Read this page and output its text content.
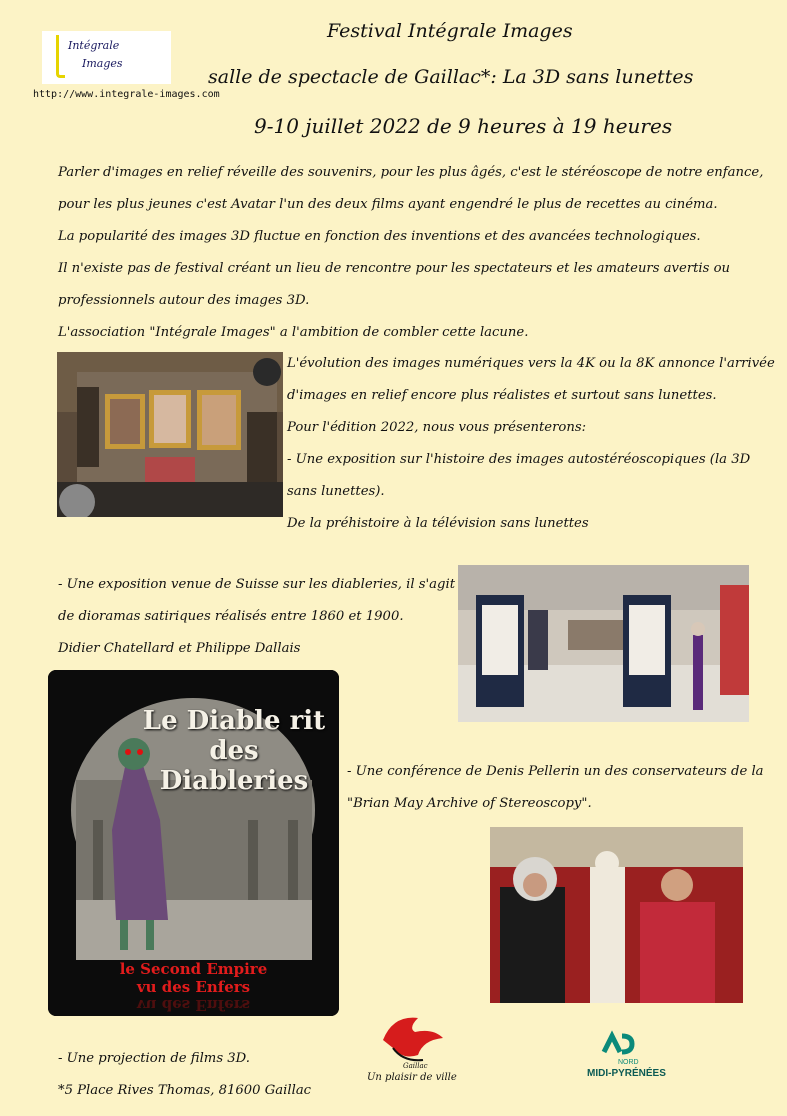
Intégrale
Images
http://www.integrale-images.com
Festival Intégrale Images
salle de spectacle de Gaillac*: La 3D sans lunettes
9-10 juillet 2022 de 9 heures à 19 heures

Parler d'images en relief réveille des souvenirs, pour les plus âgés, c'est le stéréoscope de notre enfance,

pour les plus jeunes c'est Avatar l'un des deux films ayant engendré le plus de recettes au cinéma.

La popularité des images 3D fluctue en fonction des inventions et des avancées technologiques.

Il n'existe pas de festival créant un lieu de rencontre pour les spectateurs et les amateurs avertis ou

professionnels autour des images 3D.

L'association "Intégrale Images" a l'ambition de combler cette lacune.

L'évolution des images numériques vers la 4K ou la 8K annonce l'arrivée

d'images en relief encore plus réalistes et surtout sans lunettes.

Pour l'édition 2022, nous vous présenterons:

- Une exposition sur l'histoire des images autostéréoscopiques (la 3D

sans lunettes).

De la préhistoire à la télévision sans lunettes

- Une exposition venue de Suisse sur les diableries, il s'agit

de dioramas satiriques réalisés entre 1860 et 1900.

Didier Chatellard et Philippe Dallais

Le Diable rit
des Diableries
le Second Empire
vu des Enfers
vu des Enfers

- Une conférence de Denis Pellerin un des conservateurs de la

"Brian May Archive of Stereoscopy".

- Une projection de films 3D.

*5 Place Rives Thomas, 81600 Gaillac

Gaillac
Un plaisir de ville
NORD
MIDI-PYRÉNÉES
